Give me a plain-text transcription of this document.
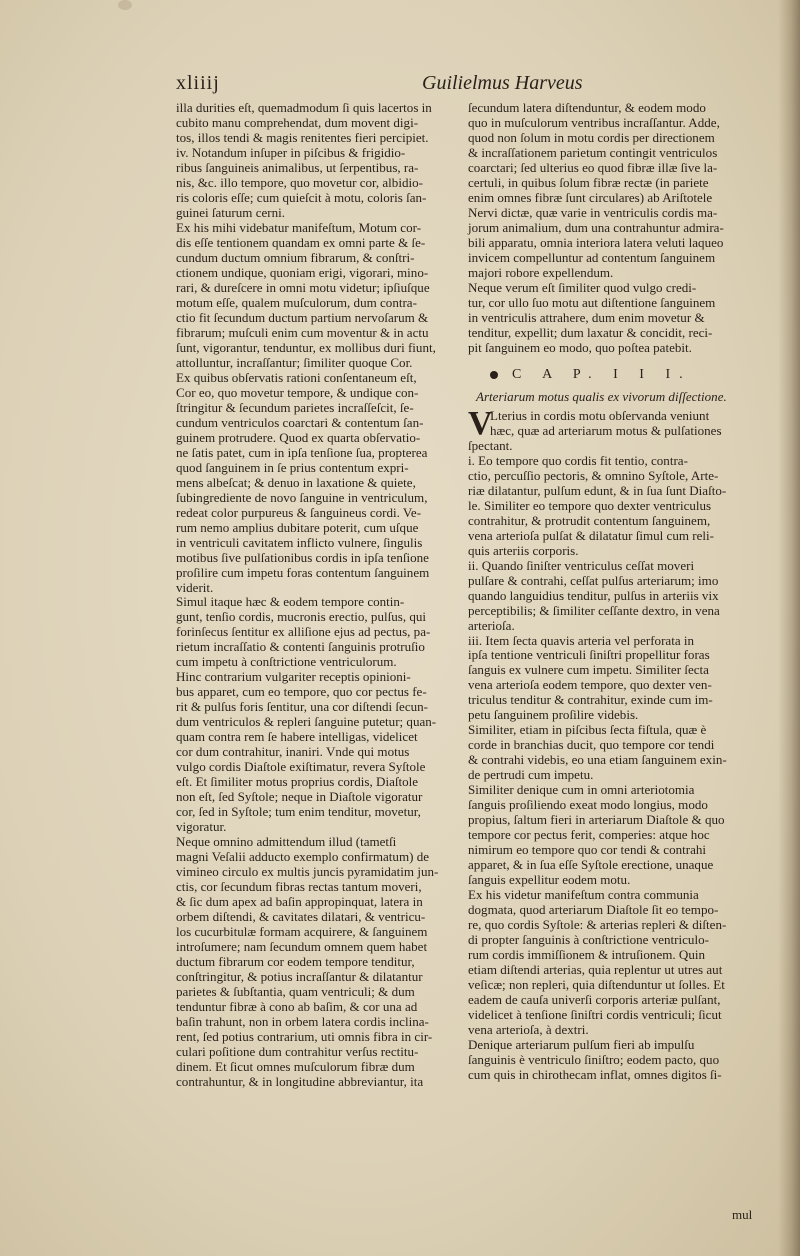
xliiij	Guilielmus Harveus
illa durities eſt, quemadmodum ſi quis lacertos in
cubito manu comprehendat, dum movent digi-
tos, illos tendi & magis renitentes fieri percipiet.
iv. Notandum inſuper in piſcibus & frigidio-
ribus ſanguineis animalibus, ut ſerpentibus, ra-
nis, &c. illo tempore, quo movetur cor, albidio-
ris coloris eſſe; cum quieſcit à motu, coloris ſan-
guinei ſaturum cerni.
Ex his mihi videbatur manifeſtum, Motum cor-
dis eſſe tentionem quandam ex omni parte & ſe-
cundum ductum omnium fibrarum, & conſtri-
ctionem undique, quoniam erigi, vigorari, mino-
rari, & dureſcere in omni motu videtur; ipſiuſque
motum eſſe, qualem muſculorum, dum contra-
ctio fit ſecundum ductum partium nervoſarum &
fibrarum; muſculi enim cum moventur & in actu
ſunt, vigorantur, tenduntur, ex mollibus duri fiunt,
attolluntur, incraſſantur; ſimiliter quoque Cor.
Ex quibus obſervatis rationi conſentaneum eſt,
Cor eo, quo movetur tempore, & undique con-
ſtringitur & ſecundum parietes incraſſeſcit, ſe-
cundum ventriculos coarctari & contentum ſan-
guinem protrudere. Quod ex quarta obſervatio-
ne ſatis patet, cum in ipſa tenſione ſua, propterea
quod ſanguinem in ſe prius contentum expri-
mens albeſcat; & denuo in laxatione & quiete,
ſubingrediente de novo ſanguine in ventriculum,
redeat color purpureus & ſanguineus cordi. Ve-
rum nemo amplius dubitare poterit, cum uſque
in ventriculi cavitatem inflicto vulnere, ſingulis
motibus ſive pulſationibus cordis in ipſa tenſione
proſilire cum impetu foras contentum ſanguinem
viderit.
Simul itaque hæc & eodem tempore contin-
gunt, tenſio cordis, mucronis erectio, pulſus, qui
forinſecus ſentitur ex alliſione ejus ad pectus, pa-
rietum incraſſatio & contenti ſanguinis protruſio
cum impetu à conſtrictione ventriculorum.
Hinc contrarium vulgariter receptis opinioni-
bus apparet, cum eo tempore, quo cor pectus fe-
rit & pulſus foris ſentitur, una cor diſtendi ſecun-
dum ventriculos & repleri ſanguine putetur; quan-
quam contra rem ſe habere intelligas, videlicet
cor dum contrahitur, inaniri. Vnde qui motus
vulgo cordis Diaſtole exiſtimatur, revera Syſtole
eſt. Et ſimiliter motus proprius cordis, Diaſtole
non eſt, ſed Syſtole; neque in Diaſtole vigoratur
cor, ſed in Syſtole; tum enim tenditur, movetur,
vigoratur.
Neque omnino admittendum illud (tametſi
magni Veſalii adducto exemplo confirmatum) de
vimineo circulo ex multis juncis pyramidatim jun-
ctis, cor ſecundum fibras rectas tantum moveri,
& ſic dum apex ad baſin appropinquat, latera in
orbem diſtendi, & cavitates dilatari, & ventricu-
los cucurbitulæ formam acquirere, & ſanguinem
introſumere; nam ſecundum omnem quem habet
ductum fibrarum cor eodem tempore tenditur,
conſtringitur, & potius incraſſantur & dilatantur
parietes & ſubſtantia, quam ventriculi; & dum
tenduntur fibræ à cono ab baſim, & cor una ad
baſin trahunt, non in orbem latera cordis inclina-
rent, ſed potius contrarium, uti omnis fibra in cir-
culari poſitione dum contrahitur verſus rectitu-
dinem. Et ſicut omnes muſculorum fibræ dum
contrahuntur, & in longitudine abbreviantur, ita
ſecundum latera diſtenduntur, & eodem modo
quo in muſculorum ventribus incraſſantur. Adde,
quod non ſolum in motu cordis per directionem
& incraſſationem parietum contingit ventriculos
coarctari; ſed ulterius eo quod fibræ illæ ſive la-
certuli, in quibus ſolum fibræ rectæ (in pariete
enim omnes fibræ ſunt circulares) ab Ariſtotele
Nervi dictæ, quæ varie in ventriculis cordis ma-
jorum animalium, dum una contrahuntur admira-
bili apparatu, omnia interiora latera veluti laqueo
invicem compelluntur ad contentum ſanguinem
majori robore expellendum.
Neque verum eſt ſimiliter quod vulgo credi-
tur, cor ullo ſuo motu aut diſtentione ſanguinem
in ventriculis attrahere, dum enim movetur &
tenditur, expellit; dum laxatur & concidit, reci-
pit ſanguinem eo modo, quo poſtea patebit.
C A P. I I I.
Arteriarum motus qualis ex vivorum diſſectione.
V
Lterius in cordis motu obſervanda veniunt
hæc, quæ ad arteriarum motus & pulſationes
ſpectant.
i. Eo tempore quo cordis fit tentio, contra-
ctio, percuſſio pectoris, & omnino Syſtole, Arte-
riæ dilatantur, pulſum edunt, & in ſua ſunt Diaſto-
le. Similiter eo tempore quo dexter ventriculus
contrahitur, & protrudit contentum ſanguinem,
vena arterioſa pulſat & dilatatur ſimul cum reli-
quis arteriis corporis.
ii. Quando ſiniſter ventriculus ceſſat moveri
pulſare & contrahi, ceſſat pulſus arteriarum; imo
quando languidius tenditur, pulſus in arteriis vix
perceptibilis; & ſimiliter ceſſante dextro, in vena
arterioſa.
iii. Item ſecta quavis arteria vel perforata in
ipſa tentione ventriculi ſiniſtri propellitur foras
ſanguis ex vulnere cum impetu. Similiter ſecta
vena arterioſa eodem tempore, quo dexter ven-
triculus tenditur & contrahitur, exinde cum im-
petu ſanguinem proſilire videbis.
Similiter, etiam in piſcibus ſecta fiſtula, quæ è
corde in branchias ducit, quo tempore cor tendi
& contrahi videbis, eo una etiam ſanguinem exin-
de pertrudi cum impetu.
Similiter denique cum in omni arteriotomia
ſanguis proſiliendo exeat modo longius, modo
propius, ſaltum fieri in arteriarum Diaſtole & quo
tempore cor pectus ferit, comperies: atque hoc
nimirum eo tempore quo cor tendi & contrahi
apparet, & in ſua eſſe Syſtole erectione, unaque
ſanguis expellitur eodem motu.
Ex his videtur manifeſtum contra communia
dogmata, quod arteriarum Diaſtole ſit eo tempo-
re, quo cordis Syſtole: & arterias repleri & diſten-
di propter ſanguinis à conſtrictione ventriculo-
rum cordis immiſſionem & intruſionem. Quin
etiam diſtendi arterias, quia replentur ut utres aut
veſicæ; non repleri, quia diſtenduntur ut ſolles. Et
eadem de cauſa univerſi corporis arteriæ pulſant,
videlicet à tenſione ſiniſtri cordis ventriculi; ſicut
vena arterioſa, à dextri.
Denique arteriarum pulſum fieri ab impulſu
ſanguinis è ventriculo ſiniſtro; eodem pacto, quo
cum quis in chirothecam inflat, omnes digitos ſi-
mul
